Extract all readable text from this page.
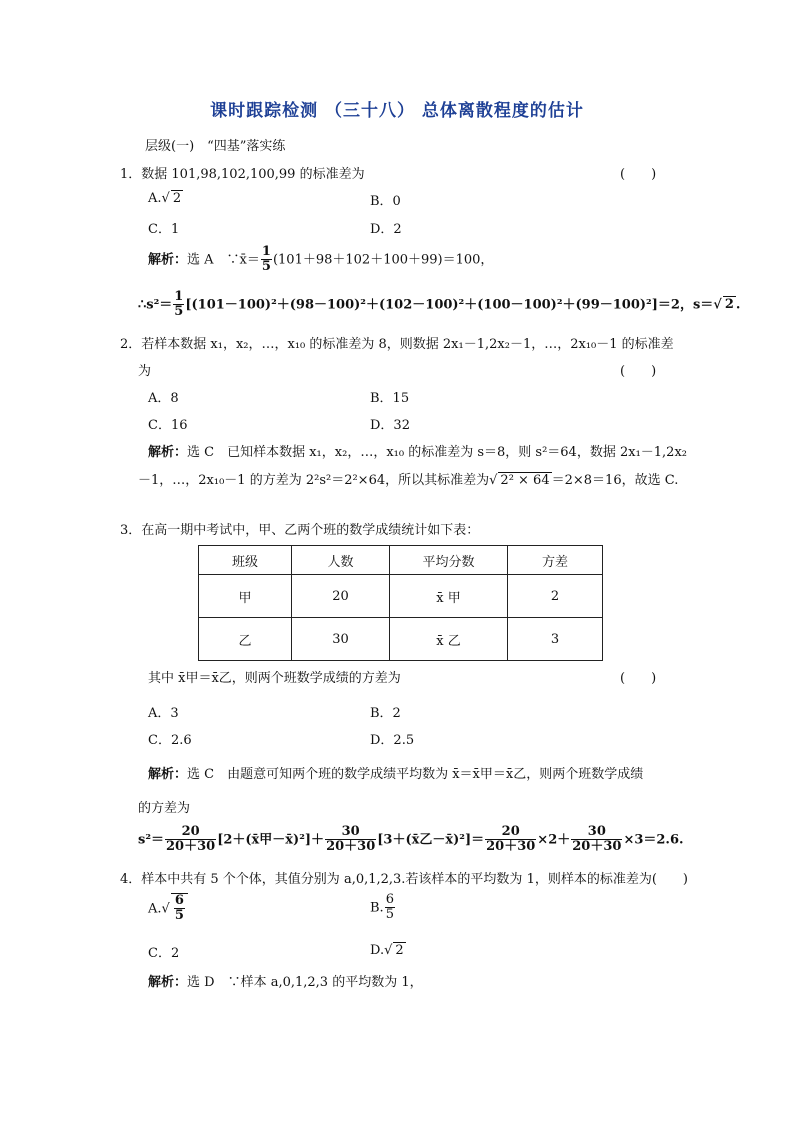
课时跟踪检测 （三十八） 总体离散程度的估计
层级(一)　“四基”落实练
1．数据 101,98,102,100,99 的标准差为	(　　)
A.√ 2	B．0
C．1	D．2
解析：选 A　∵x̄＝ $\frac{1}{5} (101+98+102+100+99)=100$，
∴s²＝ $\frac{1}{5} [(101-100)^2+(98-100)^2+(102-100)^2+(100-100)^2+(99-100)^2]=2$，s＝√ 2 .
2．若样本数据 x₁，x₂，…，x₁₀ 的标准差为 8，则数据 2x₁－1,2x₂－1，…，2x₁₀－1 的标准差
为	(　　)
A．8	B．15
C．16	D．32
解析：选 C　已知样本数据 x₁，x₂，…，x₁₀ 的标准差为 s＝8，则 s²＝64，数据 2x₁－1,2x₂
－1，…，2x₁₀－1 的方差为 2²s²＝2²×64，所以其标准差为√ 2² × 64 ＝2×8＝16，故选 C.
3．在高一期中考试中，甲、乙两个班的数学成绩统计如下表：
班级	人数	平均分数	方差
甲	20	x̄ 甲	2
乙	30	x̄ 乙	3
其中 x̄甲＝x̄乙，则两个班数学成绩的方差为	(　　)
A．3	B．2
C．2.6	D．2.5
解析：选 C　由题意可知两个班的数学成绩平均数为 x̄＝x̄甲＝x̄乙，则两个班数学成绩
的方差为
$s^2= \frac{20}{20+30}$ [2＋(x̄甲－x̄)²]＋ $\frac{30}{20+30}$ [3＋(x̄乙－x̄)²]＝ $\frac{20}{20+30} \times 2+ \frac{30}{20+30} \times 3=2.6$.
4．样本中共有 5 个个体，其值分别为 a,0,1,2,3.若该样本的平均数为 1，则样本的标准差为(　　)
$A.√ \frac{6}{5}$	B. $\frac{6}{5}$
C．2	D.√ 2
解析：选 D　∵样本 a,0,1,2,3 的平均数为 1，
